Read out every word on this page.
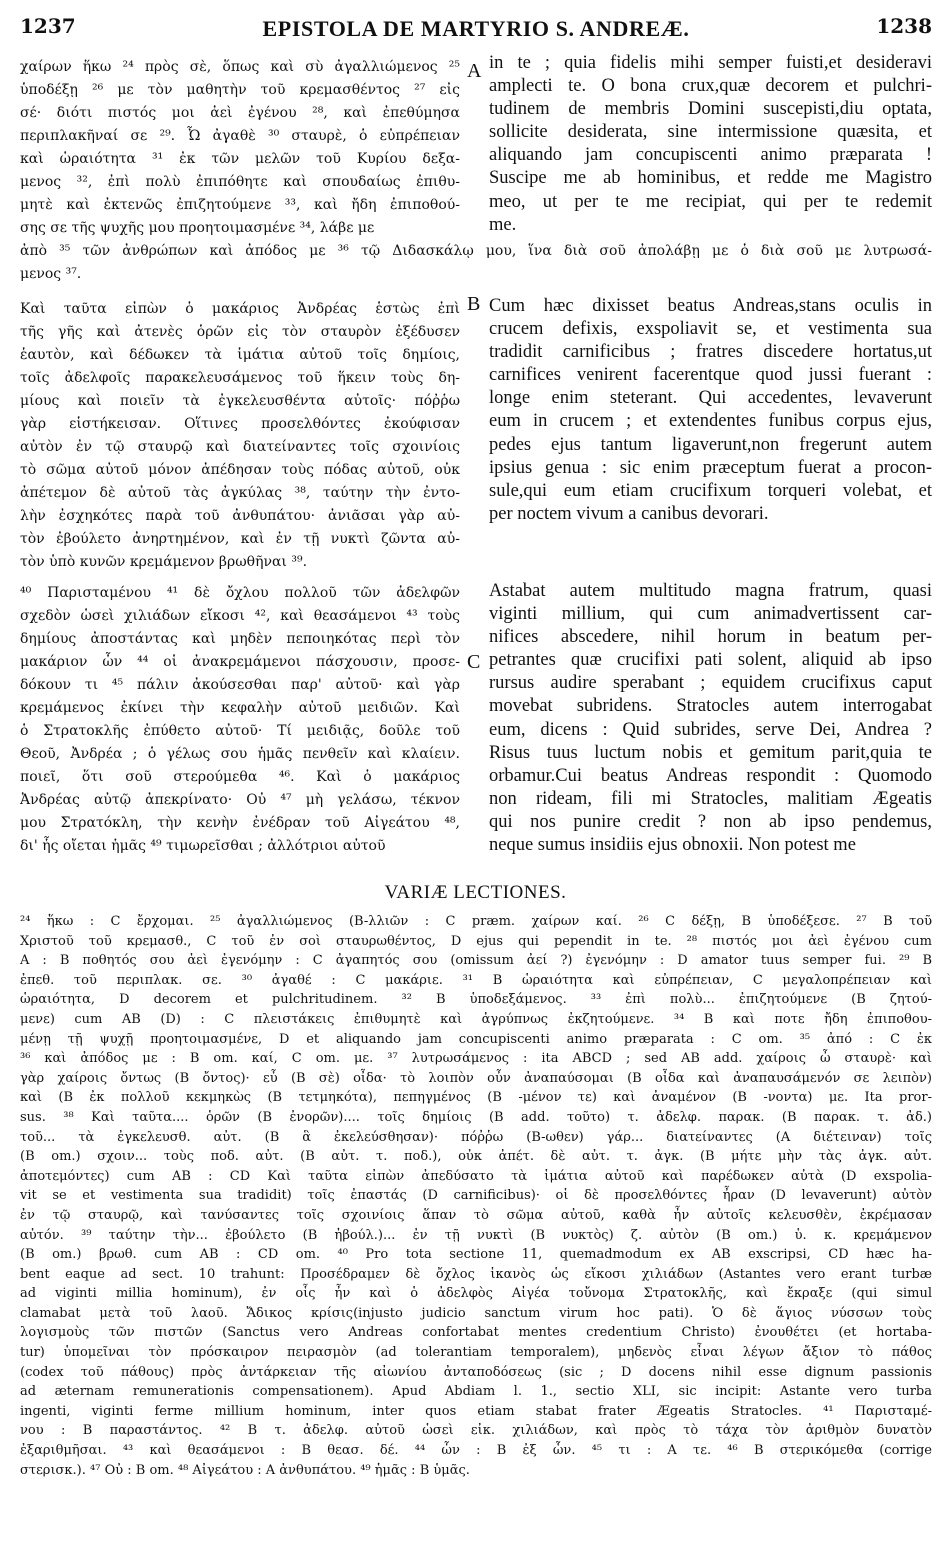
1237	EPISTOLA DE MARTYRIO S. ANDREÆ.	1238
χαίρων ἥκω ²⁴ πρὸς σὲ, ὅπως καὶ σὺ ἀγαλλιώμενος ²⁵
ὑποδέξῃ ²⁶ με τὸν μαθητὴν τοῦ κρεμασθέντος ²⁷ εἰς
σέ· διότι πιστός μοι ἀεὶ ἐγένου ²⁸, καὶ ἐπεθύμησα
περιπλακῆναί σε ²⁹. Ὦ ἀγαθὲ ³⁰ σταυρὲ, ὁ εὐπρέπειαν
καὶ ὡραιότητα ³¹ ἐκ τῶν μελῶν τοῦ Κυρίου δεξα-
μενος ³², ἐπὶ πολὺ ἐπιπόθητε καὶ σπουδαίως ἐπιθυ-
μητὲ καὶ ἐκτενῶς ἐπιζητούμενε ³³, καὶ ἤδη ἐπιποθού-
σης σε τῆς ψυχῆς μου προητοιμασμένε ³⁴, λάβε με
A in te ; quia fidelis mihi semper fuisti,et desideravi
amplecti te. O bona crux,quæ decorem et pulchri-
tudinem de membris Domini suscepisti,diu optata,
sollicite desiderata, sine intermissione quæsita, et
aliquando jam concupiscenti animo præparata !
Suscipe me ab hominibus, et redde me Magistro
meo, ut per te me recipiat, qui per te redemit
me.
ἀπὸ ³⁵ τῶν ἀνθρώπων καὶ ἀπόδος με ³⁶ τῷ Διδασκάλῳ μου, ἵνα διὰ σοῦ ἀπολάβῃ με ὁ διὰ σοῦ με λυτρωσά-
μενος ³⁷.
Καὶ ταῦτα εἰπὼν ὁ μακάριος Ἀνδρέας ἑστὼς ἐπὶ
τῆς γῆς καὶ ἀτενὲς ὁρῶν εἰς τὸν σταυρὸν ἐξέδυσεν
ἑαυτὸν, καὶ δέδωκεν τὰ ἱμάτια αὐτοῦ τοῖς δημίοις,
τοῖς ἀδελφοῖς παρακελευσάμενος τοῦ ἥκειν τοὺς δη-
μίους καὶ ποιεῖν τὰ ἐγκελευσθέντα αὐτοῖς· πόῤῥω
γὰρ εἱστήκεισαν. Οἵτινες προσελθόντες ἐκούφισαν
αὐτὸν ἐν τῷ σταυρῷ καὶ διατείναντες τοῖς σχοινίοις
τὸ σῶμα αὐτοῦ μόνον ἀπέδησαν τοὺς πόδας αὐτοῦ, οὐκ
ἀπέτεμον δὲ αὐτοῦ τὰς ἀγκύλας ³⁸, ταύτην τὴν ἐντο-
λὴν ἐσχηκότες παρὰ τοῦ ἀνθυπάτου· ἀνιᾶσαι γὰρ αὐ-
τὸν ἐβούλετο ἀνηρτημένον, καὶ ἐν τῇ νυκτὶ ζῶντα αὐ-
τὸν ὑπὸ κυνῶν κρεμάμενον βρωθῆναι ³⁹.
B Cum hæc dixisset beatus Andreas,stans oculis in
crucem defixis, exspoliavit se, et vestimenta sua
tradidit carnificibus ; fratres discedere hortatus,ut
carnifices venirent facerentque quod jussi fuerant :
longe enim steterant. Qui accedentes, levaverunt
eum in crucem ; et extendentes funibus corpus ejus,
pedes ejus tantum ligaverunt,non fregerunt autem
ipsius genua : sic enim præceptum fuerat a procon-
sule,qui eum etiam crucifixum torqueri volebat, et
per noctem vivum a canibus devorari.
⁴⁰ Παρισταμένου ⁴¹ δὲ ὄχλου πολλοῦ τῶν ἀδελφῶν
σχεδὸν ὡσεὶ χιλιάδων εἴκοσι ⁴², καὶ θεασάμενοι ⁴³ τοὺς
δημίους ἀποστάντας καὶ μηδὲν πεποιηκότας περὶ τὸν
μακάριον ὧν ⁴⁴ οἱ ἀνακρεμάμενοι πάσχουσιν, προσε-
δόκουν τι ⁴⁵ πάλιν ἀκούσεσθαι παρ' αὐτοῦ· καὶ γὰρ
κρεμάμενος ἐκίνει τὴν κεφαλὴν αὐτοῦ μειδιῶν. Καὶ
ὁ Στρατοκλῆς ἐπύθετο αὐτοῦ· Τί μειδιᾷς, δοῦλε τοῦ
Θεοῦ, Ἀνδρέα ; ὁ γέλως σου ἡμᾶς πενθεῖν καὶ κλαίειν.
ποιεῖ, ὅτι σοῦ στερούμεθα ⁴⁶. Καὶ ὁ μακάριος
Ἀνδρέας αὐτῷ ἀπεκρίνατο· Οὐ ⁴⁷ μὴ γελάσω, τέκνον
μου Στρατόκλη, τὴν κενὴν ἐνέδραν τοῦ Αἰγεάτου ⁴⁸,
δι' ἧς οἴεται ἡμᾶς ⁴⁹ τιμωρεῖσθαι ; ἀλλότριοι αὐτοῦ
C
Astabat autem multitudo magna fratrum, quasi
viginti millium, qui cum animadvertissent car-
nifices abscedere, nihil horum in beatum per-
petrantes quæ crucifixi pati solent, aliquid ab ipso
rursus audire sperabant ; equidem crucifixus caput
movebat subridens. Stratocles autem interrogabat
eum, dicens : Quid subrides, serve Dei, Andrea ?
Risus tuus luctum nobis et gemitum parit,quia te
orbamur.Cui beatus Andreas respondit : Quomodo
non rideam, fili mi Stratocles, malitiam Ægeatis
qui nos punire credit ? non ab ipso pendemus,
neque sumus insidiis ejus obnoxii. Non potest me
VARIÆ LECTIONES.
²⁴ ἥκω : C ἔρχομαι. ²⁵ ἀγαλλιώμενος (B-λλιῶν : C præm. χαίρων καί. ²⁶ C δέξῃ, B ὑποδέξεσε. ²⁷ B τοῦ
Χριστοῦ τοῦ κρεμασθ., C τοῦ ἐν σοὶ σταυρωθέντος, D ejus qui pependit in te. ²⁸ πιστός μοι ἀεὶ ἐγένου cum
A : B ποθητός σου ἀεὶ ἐγενόμην : C ἀγαπητός σου (omissum ἀεί ?) ἐγενόμην : D amator tuus semper fui. ²⁹ B
ἐπεθ. τοῦ περιπλακ. σε. ³⁰ ἀγαθέ : C μακάριε. ³¹ B ὡραιότητα καὶ εὐπρέπειαν, C μεγαλοπρέπειαν καὶ
ὡραιότητα, D decorem et pulchritudinem. ³² B ὑποδεξάμενος. ³³ ἐπὶ πολὺ... ἐπιζητούμενε (B ζητού-
μενε) cum AB (D) : C πλειστάκεις ἐπιθυμητὲ καὶ ἀγρύπνως ἐκζητούμενε. ³⁴ B καὶ ποτε ἤδη ἐπιποθου-
μένῃ τῇ ψυχῇ προητοιμασμένε, D et aliquando jam concupiscenti animo præparata : C om. ³⁵ ἀπό : C ἐκ
³⁶ καὶ ἀπόδος με : B om. καί, C om. με. ³⁷ λυτρωσάμενος : ita ABCD ; sed AB add. χαίροις ὦ σταυρὲ· καὶ
γὰρ χαίροις ὄντως (B ὄντος)· εὖ (B σὲ) οἶδα· τὸ λοιπὸν οὖν ἀναπαύσομαι (B οἶδα καὶ ἀναπαυσάμενόν σε λειπὸν)
καὶ (B ἐκ πολλοῦ κεκμηκὼς (B τετμηκότα), πεπηγμένος (B -μένον τε) καὶ ἀναμένον (B -νοντα) με. Ita pror-
sus. ³⁸ Καὶ ταῦτα.... ὁρῶν (B ἐνορῶν).... τοῖς δημίοις (B add. τοῦτο) τ. ἀδελφ. παρακ. (B παρακ. τ. ἀδ.)
τοῦ... τὰ ἐγκελευσθ. αὐτ. (B ἃ ἐκελεύσθησαν)· πόῤῥω (B-ωθεν) γάρ... διατείναντες (A διέτειναν) τοῖς
(B om.) σχοιν... τοὺς ποδ. αὐτ. (B αὐτ. τ. ποδ.), οὐκ ἀπέτ. δὲ αὐτ. τ. ἀγκ. (B μήτε μὴν τὰς ἀγκ. αὐτ.
ἀποτεμόντες) cum AB : CD Καὶ ταῦτα εἰπὼν ἀπεδύσατο τὰ ἱμάτια αὐτοῦ καὶ παρέδωκεν αὐτὰ (D exspolia-
vit se et vestimenta sua tradidit) τοῖς ἐπαστάς (D carnificibus)· οἱ δὲ προσελθόντες ἦραν (D levaverunt) αὐτὸν
ἐν τῷ σταυρῷ, καὶ τανύσαντες τοῖς σχοινίοις ἅπαν τὸ σῶμα αὐτοῦ, καθὰ ἦν αὐτοῖς κελευσθὲν, ἐκρέμασαν
αὐτόν. ³⁹ ταύτην τὴν... ἐβούλετο (B ἠβούλ.)... ἐν τῇ νυκτὶ (B νυκτὸς) ζ. αὐτὸν (B om.) ὑ. κ. κρεμάμενον
(B om.) βρωθ. cum AB : CD om. ⁴⁰ Pro tota sectione 11, quemadmodum ex AB exscripsi, CD hæc ha-
bent eaque ad sect. 10 trahunt: Προσέδραμεν δὲ ὄχλος ἱκανὸς ὡς εἴκοσι χιλιάδων (Astantes vero erant turbæ
ad viginti millia hominum), ἐν οἷς ἦν καὶ ὁ ἀδελφὸς Αἰγέα τοὔνομα Στρατοκλῆς, καὶ ἔκραξε (qui simul
clamabat μετὰ τοῦ λαοῦ. Ἄδικος κρίσις(injusto judicio sanctum virum hoc pati). Ὁ δὲ ἅγιος νύσσων τοὺς
λογισμοὺς τῶν πιστῶν (Sanctus vero Andreas confortabat mentes credentium Christo) ἐνουθέτει (et hortaba-
tur) ὑπομεῖναι τὸν πρόσκαιρον πειρασμὸν (ad tolerantiam temporalem), μηδενὸς εἶναι λέγων ἄξιον τὸ πάθος
(codex τοῦ πάθους) πρὸς ἀντάρκειαν τῆς αἰωνίου ἀνταποδόσεως (sic ; D docens nihil esse dignum passionis
ad æternam remunerationis compensationem). Apud Abdiam l. 1., sectio XLI, sic incipit: Astante vero turba
ingenti, viginti ferme millium hominum, inter quos etiam stabat frater Ægeatis Stratocles. ⁴¹ Παρισταμέ-
νου : B παραστάντος. ⁴² B τ. ἀδελφ. αὐτοῦ ὡσεὶ εἰκ. χιλιάδων, καὶ πρὸς τὸ τάχα τὸν ἀριθμὸν δυνατὸν
ἐξαριθμῆσαι. ⁴³ καὶ θεασάμενοι : B θεασ. δέ. ⁴⁴ ὧν : B ἐξ ὧν. ⁴⁵ τι : A τε. ⁴⁶ B στερικόμεθα (corrige
στερισκ.). ⁴⁷ Οὐ : B om. ⁴⁸ Αἰγεάτου : A ἀνθυπάτου. ⁴⁹ ἡμᾶς : B ὑμᾶς.
